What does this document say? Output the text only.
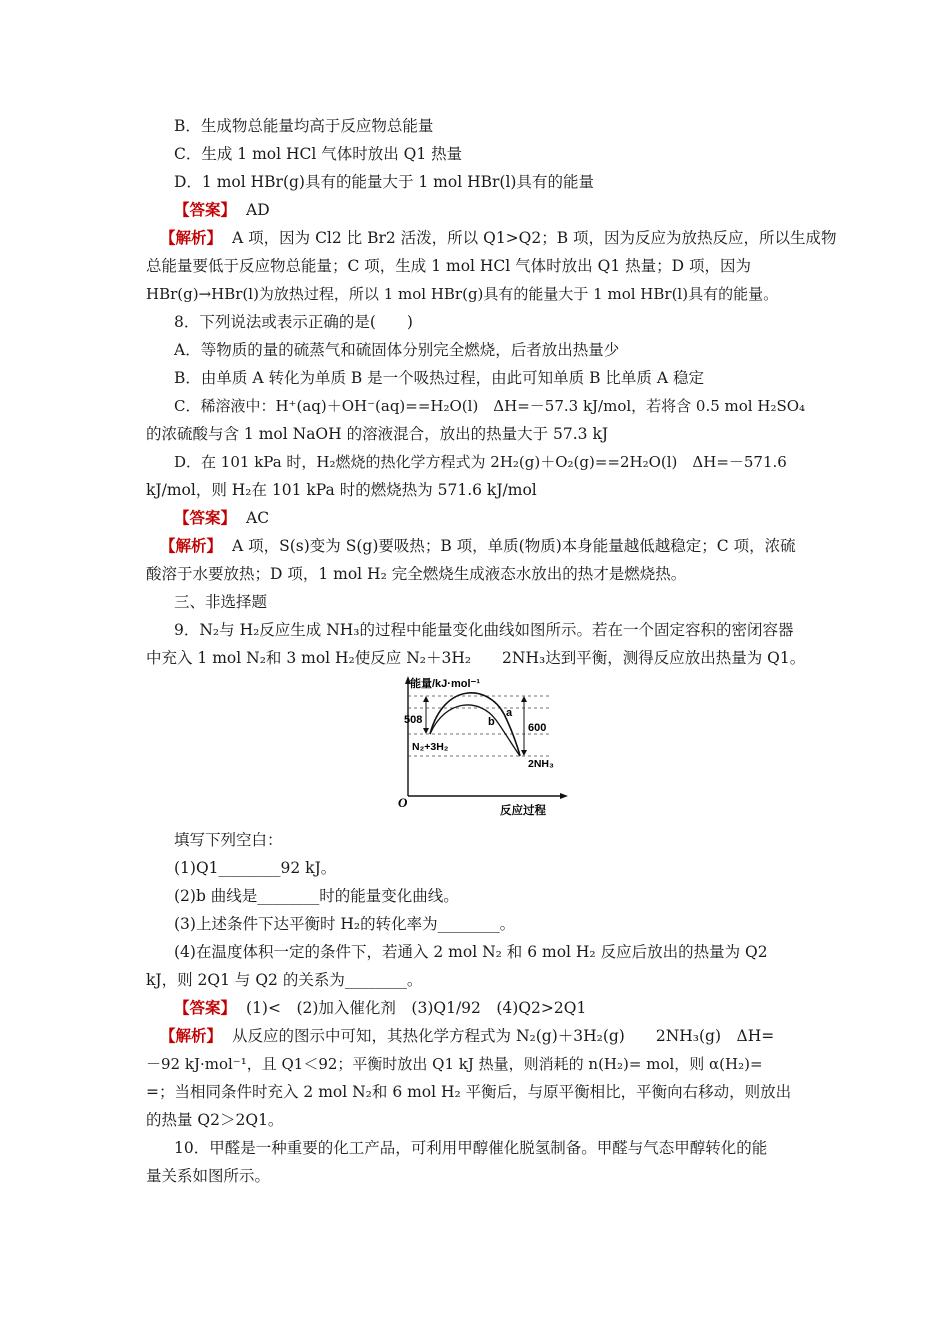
B．生成物总能量均高于反应物总能量

C．生成 1 mol HCl 气体时放出 Q1 热量

D．1 mol HBr(g)具有的能量大于 1 mol HBr(l)具有的能量

【答案】 AD

【解析】 A 项，因为 Cl2 比 Br2 活泼，所以 Q1>Q2；B 项，因为反应为放热反应，所以生成物

总能量要低于反应物总能量；C 项，生成 1 mol HCl 气体时放出 Q1 热量；D 项，因为

HBr(g)→HBr(l)为放热过程，所以 1 mol HBr(g)具有的能量大于 1 mol HBr(l)具有的能量。

8．下列说法或表示正确的是(　　)

A．等物质的量的硫蒸气和硫固体分别完全燃烧，后者放出热量少

B．由单质 A 转化为单质 B 是一个吸热过程，由此可知单质 B 比单质 A 稳定

C．稀溶液中：H⁺(aq)＋OH⁻(aq)==H₂O(l)　ΔH=－57.3 kJ/mol，若将含 0.5 mol H₂SO₄

的浓硫酸与含 1 mol NaOH 的溶液混合，放出的热量大于 57.3 kJ

D．在 101 kPa 时，H₂燃烧的热化学方程式为 2H₂(g)＋O₂(g)==2H₂O(l)　ΔH=－571.6

kJ/mol，则 H₂在 101 kPa 时的燃烧热为 571.6 kJ/mol

【答案】 AC

【解析】 A 项，S(s)变为 S(g)要吸热；B 项，单质(物质)本身能量越低越稳定；C 项，浓硫

酸溶于水要放热；D 项，1 mol H₂ 完全燃烧生成液态水放出的热才是燃烧热。

三、非选择题

9．N₂与 H₂反应生成 NH₃的过程中能量变化曲线如图所示。若在一个固定容积的密闭容器

中充入 1 mol N₂和 3 mol H₂使反应 N₂＋3H₂　　2NH₃达到平衡，测得反应放出热量为 Q1。

能量/kJ·mol⁻¹
反应过程
O
508
600
a
b
N₂+3H₂
2NH₃

填写下列空白：

(1)Q1________92 kJ。

(2)b 曲线是________时的能量变化曲线。

(3)上述条件下达平衡时 H₂的转化率为________。

(4)在温度体积一定的条件下，若通入 2 mol N₂ 和 6 mol H₂ 反应后放出的热量为 Q2

kJ，则 2Q1 与 Q2 的关系为________。

【答案】 (1)<　(2)加入催化剂　(3)Q1/92　(4)Q2>2Q1

【解析】 从反应的图示中可知，其热化学方程式为 N₂(g)＋3H₂(g)　　2NH₃(g)　ΔH=

－92 kJ·mol⁻¹，且 Q1＜92；平衡时放出 Q1 kJ 热量，则消耗的 n(H₂)= mol，则 α(H₂)=

=；当相同条件时充入 2 mol N₂和 6 mol H₂ 平衡后，与原平衡相比，平衡向右移动，则放出

的热量 Q2＞2Q1。

10．甲醛是一种重要的化工产品，可利用甲醇催化脱氢制备。甲醛与气态甲醇转化的能

量关系如图所示。
